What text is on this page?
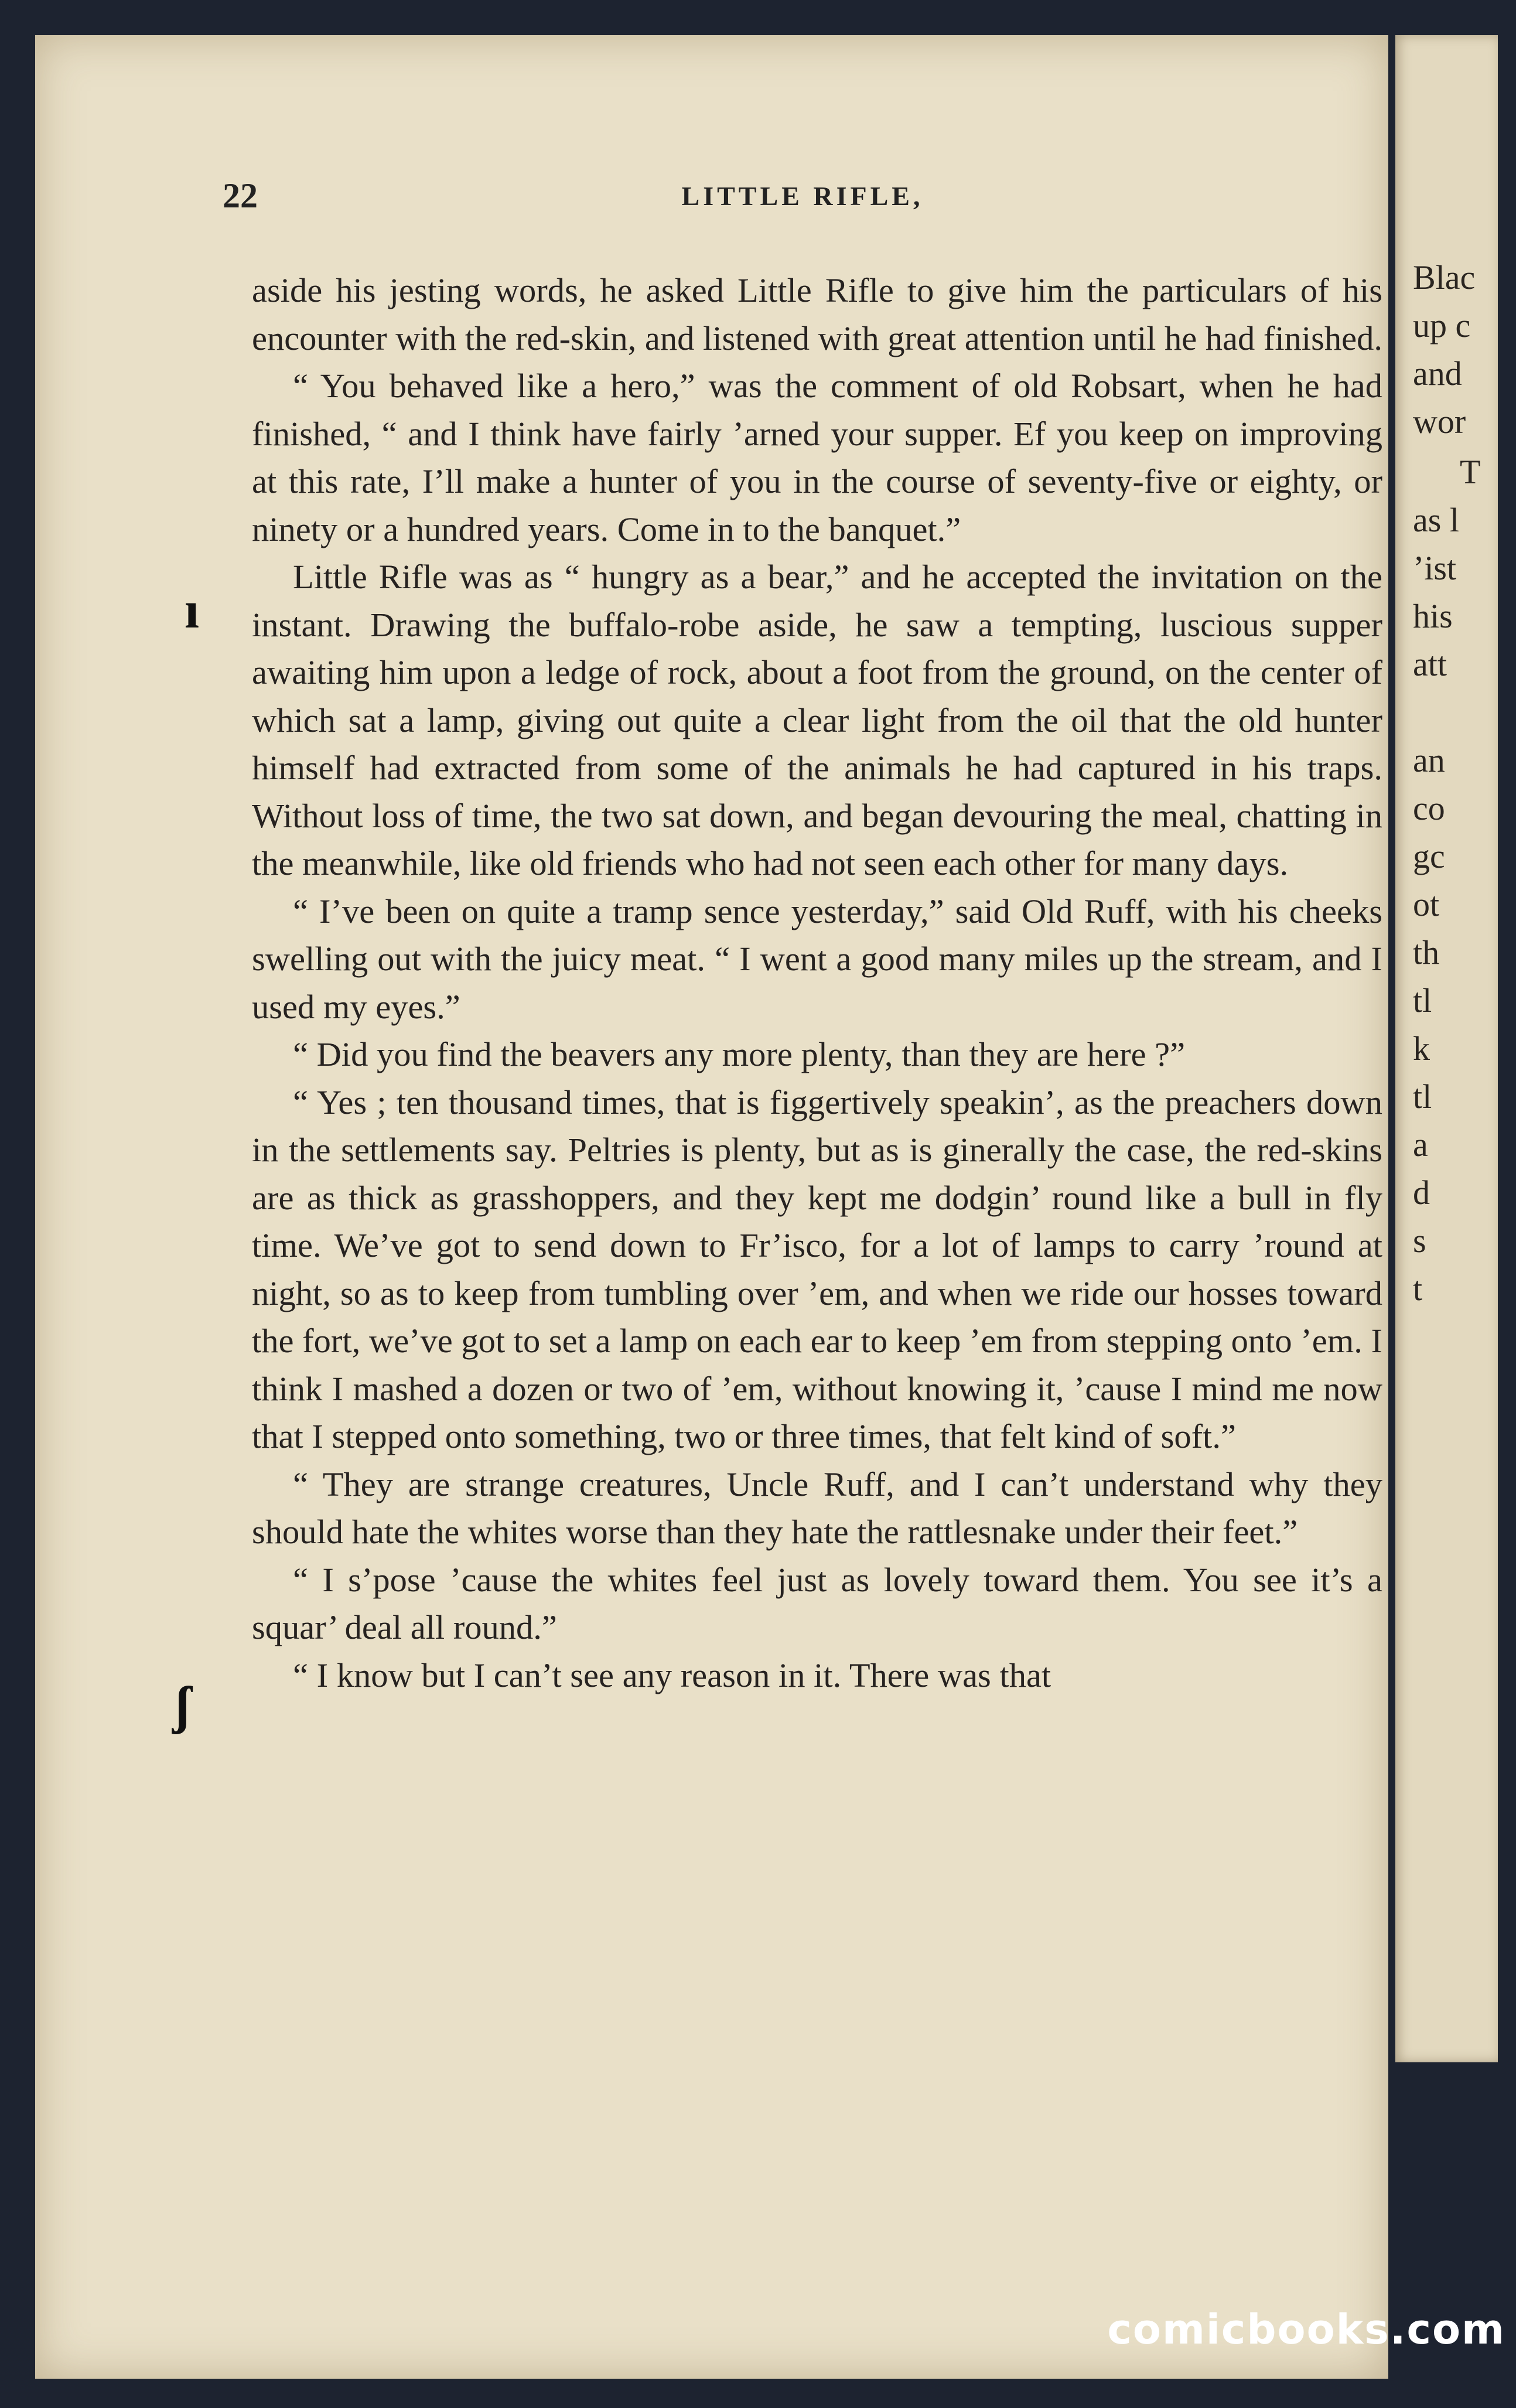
22	LITTLE RIFLE,

aside his jesting words, he asked Little Rifle to give him the particulars of his encounter with the red-skin, and listened with great attention until he had finished.

“ You behaved like a hero,” was the comment of old Robsart, when he had finished, “ and I think have fairly ’arned your supper. Ef you keep on improving at this rate, I’ll make a hunter of you in the course of seventy-five or eighty, or ninety or a hundred years. Come in to the banquet.”

Little Rifle was as “ hungry as a bear,” and he accepted the invitation on the instant. Drawing the buffalo-robe aside, he saw a tempting, luscious supper awaiting him upon a ledge of rock, about a foot from the ground, on the center of which sat a lamp, giving out quite a clear light from the oil that the old hunter himself had extracted from some of the animals he had captured in his traps. Without loss of time, the two sat down, and began devouring the meal, chatting in the meanwhile, like old friends who had not seen each other for many days.

“ I’ve been on quite a tramp sence yesterday,” said Old Ruff, with his cheeks swelling out with the juicy meat. “ I went a good many miles up the stream, and I used my eyes.”

“ Did you find the beavers any more plenty, than they are here ?”

“ Yes ; ten thousand times, that is figgertively speakin’, as the preachers down in the settlements say. Peltries is plenty, but as is ginerally the case, the red-skins are as thick as grasshoppers, and they kept me dodgin’ round like a bull in fly time. We’ve got to send down to Fr’isco, for a lot of lamps to carry ’round at night, so as to keep from tumbling over ’em, and when we ride our hosses toward the fort, we’ve got to set a lamp on each ear to keep ’em from stepping onto ’em. I think I mashed a dozen or two of ’em, without knowing it, ’cause I mind me now that I stepped onto something, two or three times, that felt kind of soft.”

“ They are strange creatures, Uncle Ruff, and I can’t understand why they should hate the whites worse than they hate the rattlesnake under their feet.”

“ I s’pose ’cause the whites feel just as lovely toward them. You see it’s a squar’ deal all round.”

“ I know but I can’t see any reason in it. There was that

ı
ʃ
Blac
up c
and
wor
T
as l
’ist
his
att
an
co
gc
ot
th
tl
k
tl
a
d
s
t
comicbooks.com
